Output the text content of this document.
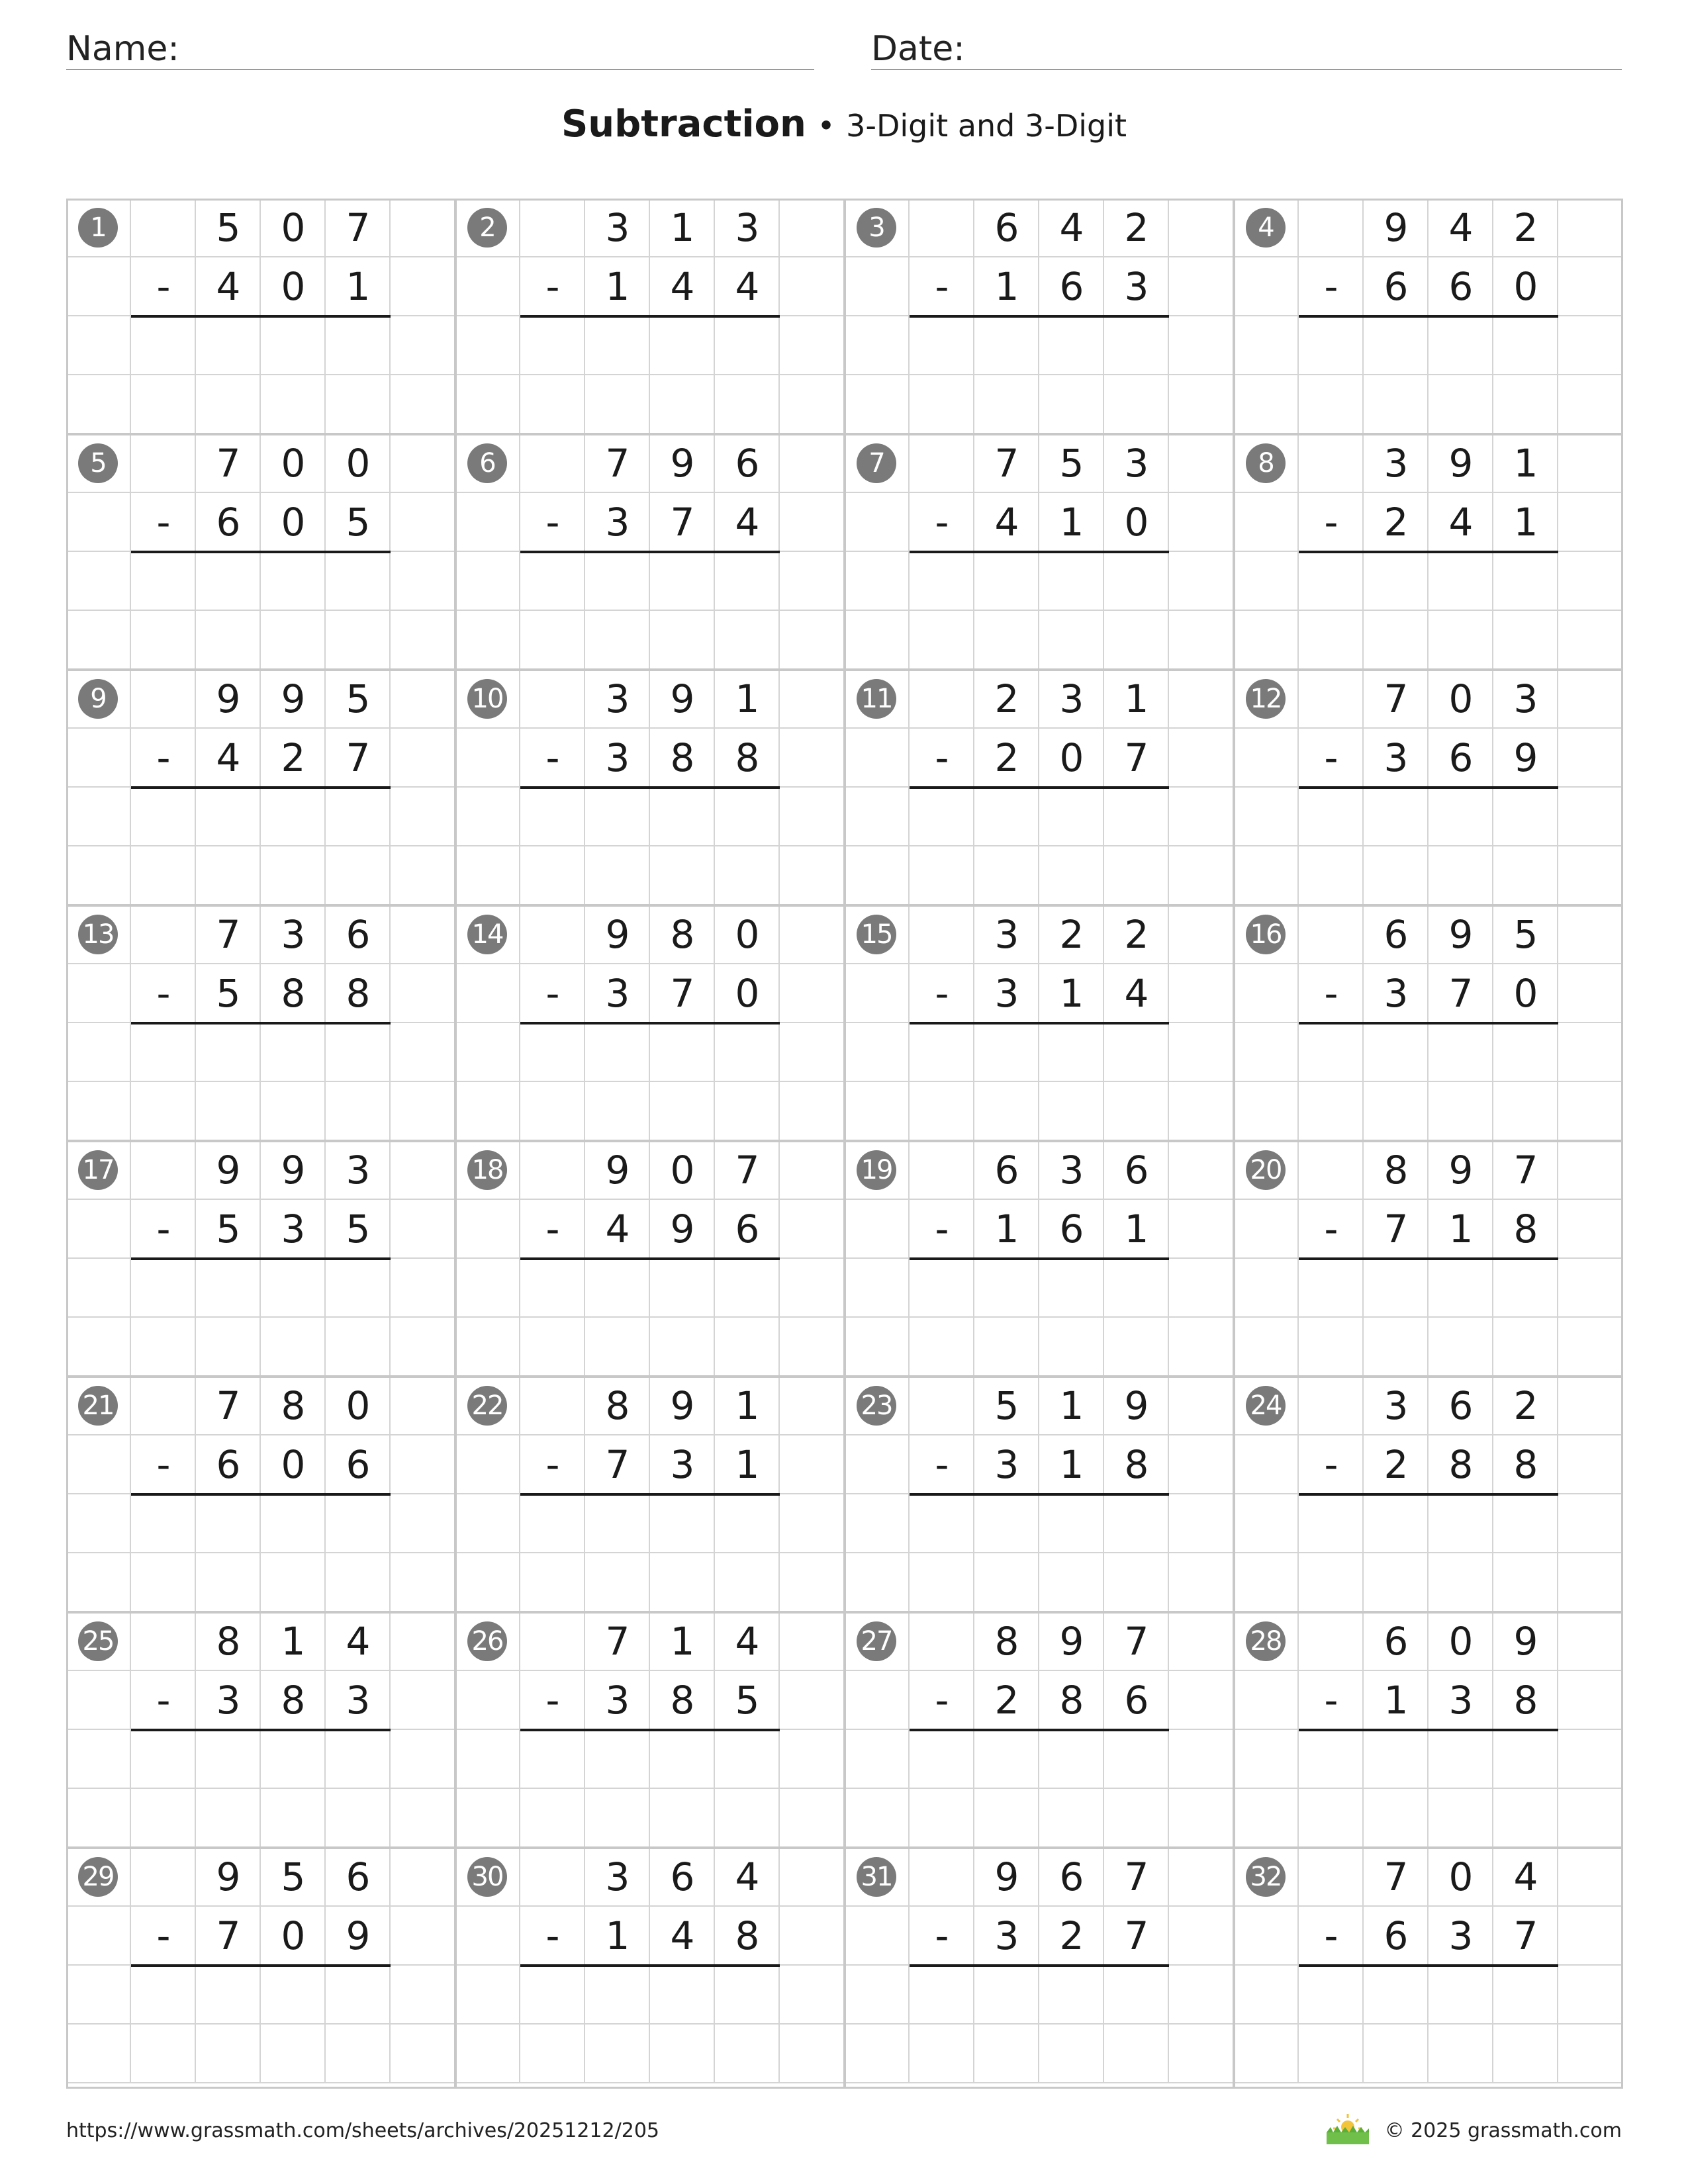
Name:	Date:
Subtraction • 3-Digit and 3-Digit
1	5	0	7
-	4	0	1
2	3	1	3
-	1	4	4
3	6	4	2
-	1	6	3
4	9	4	2
-	6	6	0
5	7	0	0
-	6	0	5
6	7	9	6
-	3	7	4
7	7	5	3
-	4	1	0
8	3	9	1
-	2	4	1
9	9	9	5
-	4	2	7
10	3	9	1
-	3	8	8
11	2	3	1
-	2	0	7
12	7	0	3
-	3	6	9
13	7	3	6
-	5	8	8
14	9	8	0
-	3	7	0
15	3	2	2
-	3	1	4
16	6	9	5
-	3	7	0
17	9	9	3
-	5	3	5
18	9	0	7
-	4	9	6
19	6	3	6
-	1	6	1
20	8	9	7
-	7	1	8
21	7	8	0
-	6	0	6
22	8	9	1
-	7	3	1
23	5	1	9
-	3	1	8
24	3	6	2
-	2	8	8
25	8	1	4
-	3	8	3
26	7	1	4
-	3	8	5
27	8	9	7
-	2	8	6
28	6	0	9
-	1	3	8
29	9	5	6
-	7	0	9
30	3	6	4
-	1	4	8
31	9	6	7
-	3	2	7
32	7	0	4
-	6	3	7
https://www.grassmath.com/sheets/archives/20251212/205	© 2025 grassmath.com
